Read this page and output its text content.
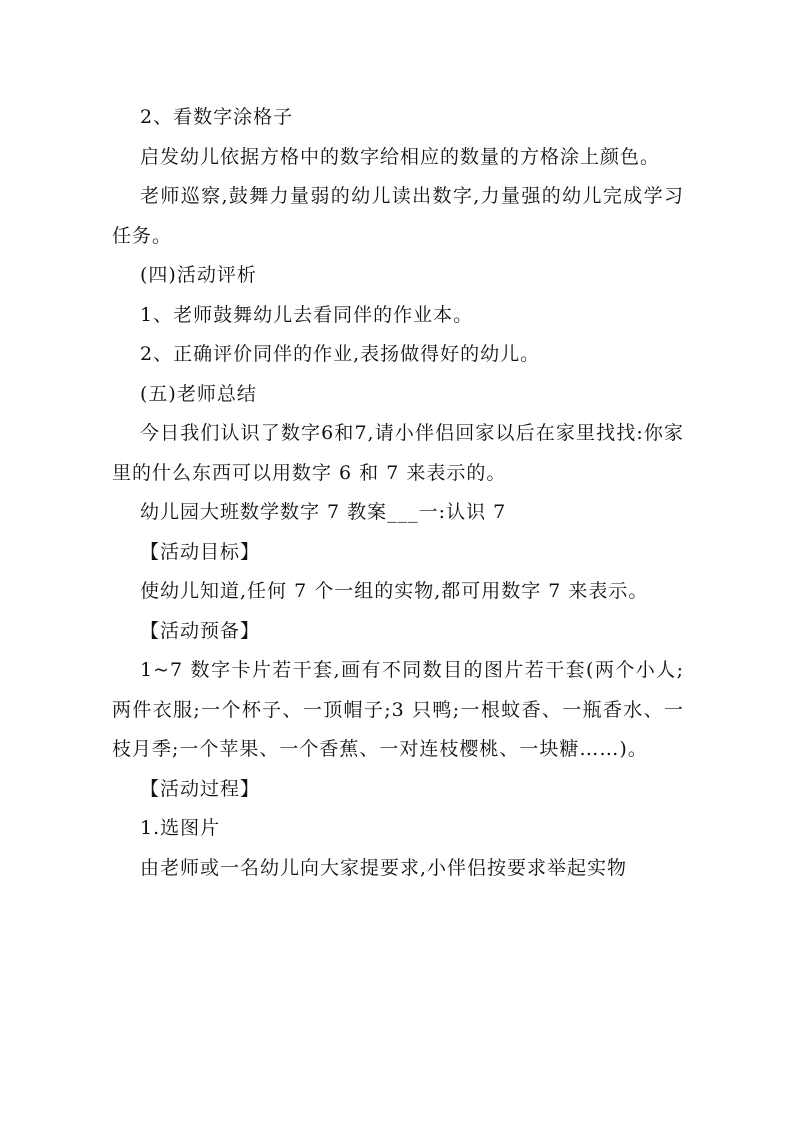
2、看数字涂格子

启发幼儿依据方格中的数字给相应的数量的方格涂上颜色。

老师巡察,鼓舞力量弱的幼儿读出数字,力量强的幼儿完成学习任务。

(四)活动评析

1、老师鼓舞幼儿去看同伴的作业本。

2、正确评价同伴的作业,表扬做得好的幼儿。

(五)老师总结

今日我们认识了数字6和7,请小伴侣回家以后在家里找找:你家里的什么东西可以用数字 6 和 7 来表示的。

幼儿园大班数学数字 7 教案___一:认识 7

【活动目标】

使幼儿知道,任何 7 个一组的实物,都可用数字 7 来表示。

【活动预备】

1~7 数字卡片若干套,画有不同数目的图片若干套(两个小人;两件衣服;一个杯子、一顶帽子;3 只鸭;一根蚊香、一瓶香水、一枝月季;一个苹果、一个香蕉、一对连枝樱桃、一块糖……)。

【活动过程】

1.选图片

由老师或一名幼儿向大家提要求,小伴侣按要求举起实物
